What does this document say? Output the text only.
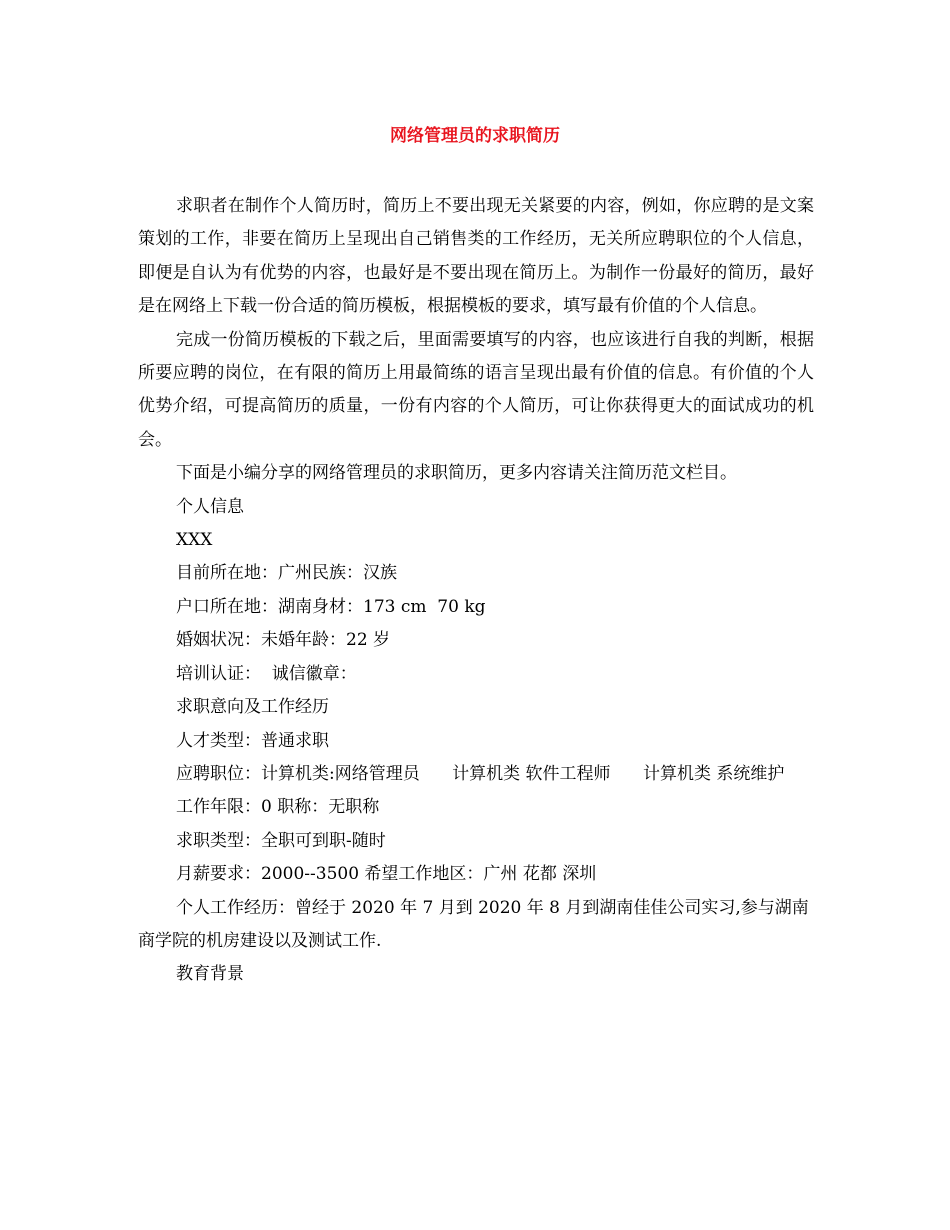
网络管理员的求职简历

求职者在制作个人简历时，简历上不要出现无关紧要的内容，例如，你应聘的是文案策划的工作，非要在简历上呈现出自己销售类的工作经历，无关所应聘职位的个人信息，即便是自认为有优势的内容，也最好是不要出现在简历上。为制作一份最好的简历，最好是在网络上下载一份合适的简历模板，根据模板的要求，填写最有价值的个人信息。

完成一份简历模板的下载之后，里面需要填写的内容，也应该进行自我的判断，根据所要应聘的岗位，在有限的简历上用最简练的语言呈现出最有价值的信息。有价值的个人优势介绍，可提高简历的质量，一份有内容的个人简历，可让你获得更大的面试成功的机会。

下面是小编分享的网络管理员的求职简历，更多内容请关注简历范文栏目。

个人信息

XXX

目前所在地：广州民族：汉族

户口所在地：湖南身材：173 cm  70 kg

婚姻状况：未婚年龄：22 岁

培训认证：  诚信徽章：

求职意向及工作经历

人才类型：普通求职

应聘职位：计算机类:网络管理员      计算机类 软件工程师      计算机类 系统维护

工作年限：0 职称：无职称

求职类型：全职可到职-随时

月薪要求：2000--3500 希望工作地区：广州 花都 深圳

个人工作经历：曾经于 2020 年 7 月到 2020 年 8 月到湖南佳佳公司实习,参与湖南商学院的机房建设以及测试工作.

教育背景
